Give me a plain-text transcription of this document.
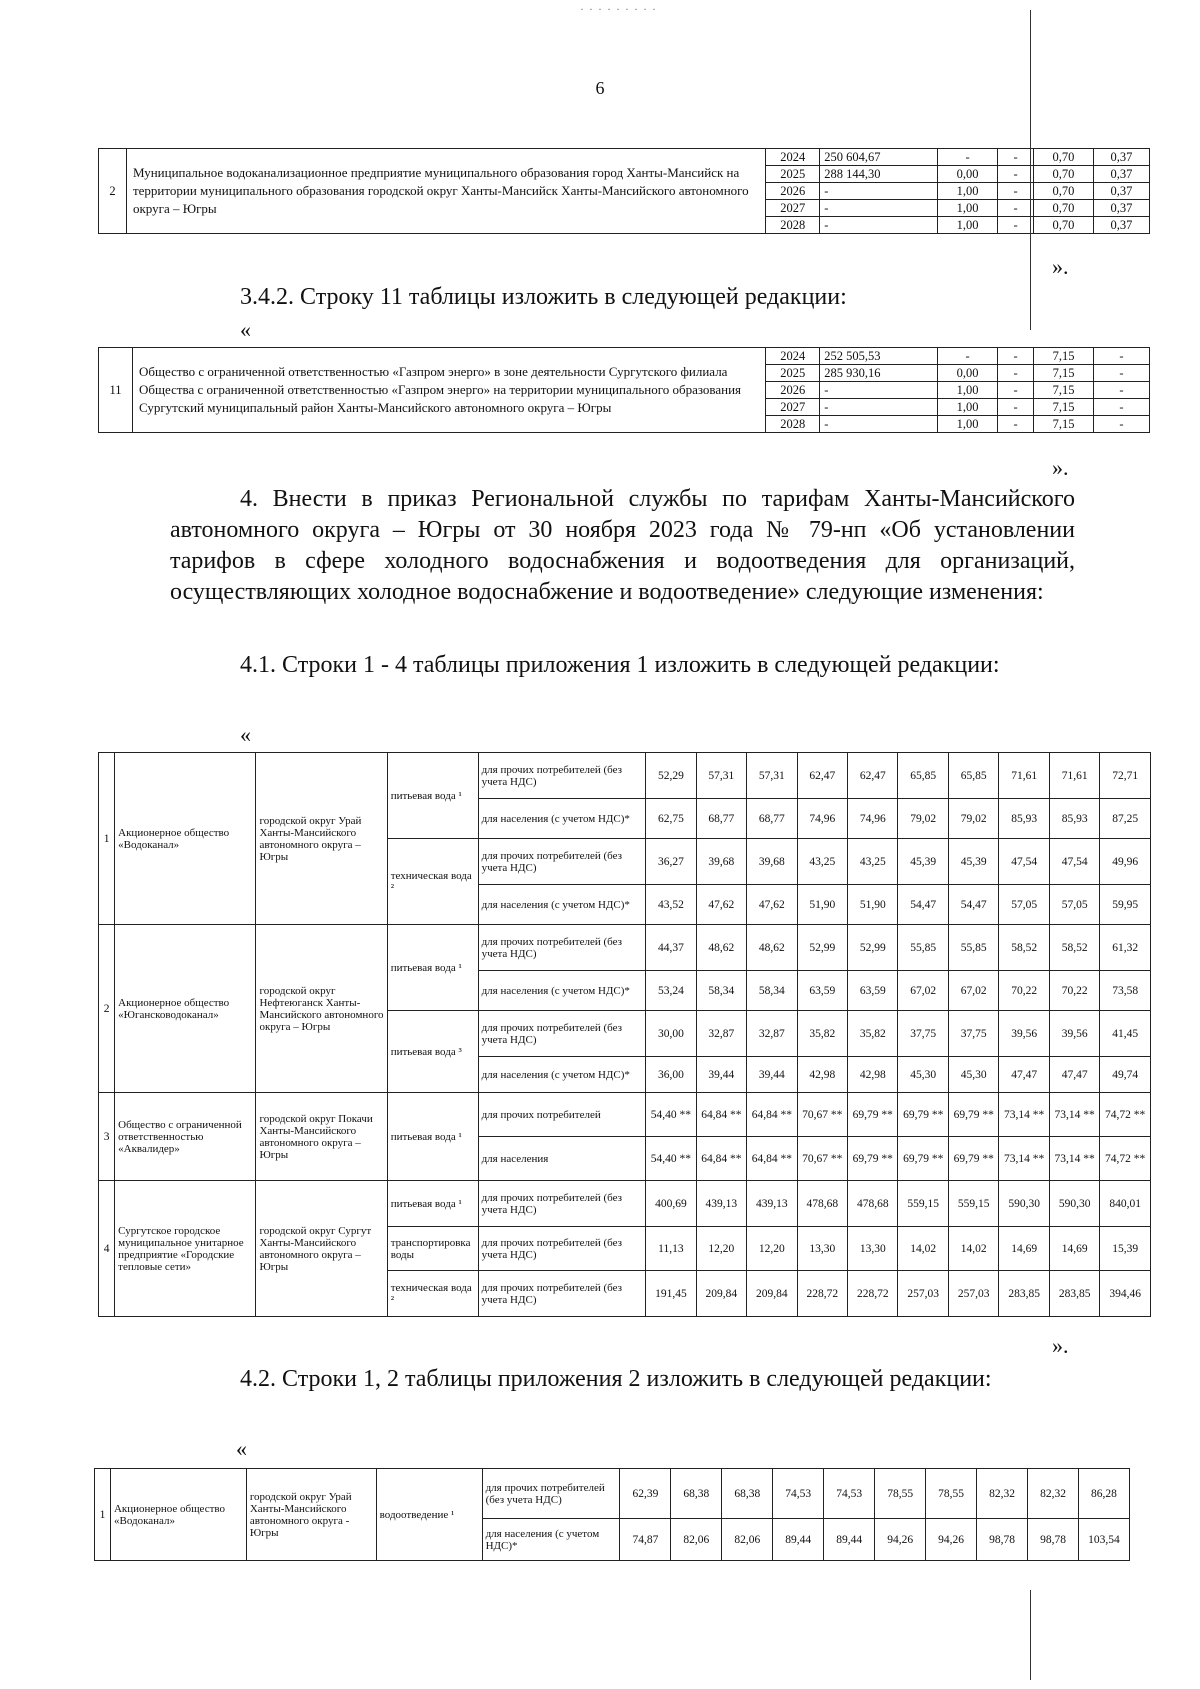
· · · · · · · · ·
6
2	Муниципальное водоканализационное предприятие муниципального образования город Ханты-Мансийск на территории муниципального образования городской округ Ханты-Мансийск Ханты-Мансийского автономного округа – Югры	2024	250 604,67	-	-	0,70	0,37
		2025	288 144,30	0,00	-	0,70	0,37
		2026	-	1,00	-	0,70	0,37
		2027	-	1,00	-	0,70	0,37
		2028	-	1,00	-	0,70	0,37
».
3.4.2. Строку 11 таблицы изложить в следующей редакции:
«
11	Общество с ограниченной ответственностью «Газпром энерго» в зоне деятельности Сургутского филиала Общества с ограниченной ответственностью «Газпром энерго» на территории муниципального образования Сургутский муниципальный район Ханты-Мансийского автономного округа – Югры	2024	252 505,53	-	-	7,15	-
		2025	285 930,16	0,00	-	7,15	-
		2026	-	1,00	-	7,15	-
		2027	-	1,00	-	7,15	-
		2028	-	1,00	-	7,15	-
».
4. Внести в приказ Региональной службы по тарифам Ханты-Мансийского автономного округа – Югры от 30 ноября 2023 года № 79-нп «Об установлении тарифов в сфере холодного водоснабжения и водоотведения для организаций, осуществляющих холодное водоснабжение и водоотведение» следующие изменения:
4.1. Строки 1 - 4 таблицы приложения 1 изложить в следующей редакции:
«
1	Акционерное общество «Водоканал»	городской округ Урай Ханты-Мансийского автономного округа – Югры	питьевая вода ¹	для прочих потребителей (без учета НДС)	52,29	57,31	57,31	62,47	62,47	65,85	65,85	71,61	71,61	72,71
				для населения (с учетом НДС)*	62,75	68,77	68,77	74,96	74,96	79,02	79,02	85,93	85,93	87,25
			техническая вода ²	для прочих потребителей (без учета НДС)	36,27	39,68	39,68	43,25	43,25	45,39	45,39	47,54	47,54	49,96
				для населения (с учетом НДС)*	43,52	47,62	47,62	51,90	51,90	54,47	54,47	57,05	57,05	59,95
2	Акционерное общество «Югансководоканал»	городской округ Нефтеюганск Ханты-Мансийского автономного округа – Югры	питьевая вода ¹	для прочих потребителей (без учета НДС)	44,37	48,62	48,62	52,99	52,99	55,85	55,85	58,52	58,52	61,32
				для населения (с учетом НДС)*	53,24	58,34	58,34	63,59	63,59	67,02	67,02	70,22	70,22	73,58
			питьевая вода ³	для прочих потребителей (без учета НДС)	30,00	32,87	32,87	35,82	35,82	37,75	37,75	39,56	39,56	41,45
				для населения (с учетом НДС)*	36,00	39,44	39,44	42,98	42,98	45,30	45,30	47,47	47,47	49,74
3	Общество с ограниченной ответственностью «Аквалидер»	городской округ Покачи Ханты-Мансийского автономного округа – Югры	питьевая вода ¹	для прочих потребителей	54,40 **	64,84 **	64,84 **	70,67 **	69,79 **	69,79 **	69,79 **	73,14 **	73,14 **	74,72 **
				для населения	54,40 **	64,84 **	64,84 **	70,67 **	69,79 **	69,79 **	69,79 **	73,14 **	73,14 **	74,72 **
4	Сургутское городское муниципальное унитарное предприятие «Городские тепловые сети»	городской округ Сургут Ханты-Мансийского автономного округа – Югры	питьевая вода ¹	для прочих потребителей (без учета НДС)	400,69	439,13	439,13	478,68	478,68	559,15	559,15	590,30	590,30	840,01
			транспортировка воды	для прочих потребителей (без учета НДС)	11,13	12,20	12,20	13,30	13,30	14,02	14,02	14,69	14,69	15,39
			техническая вода ²	для прочих потребителей (без учета НДС)	191,45	209,84	209,84	228,72	228,72	257,03	257,03	283,85	283,85	394,46
».
4.2. Строки 1, 2 таблицы приложения 2 изложить в следующей редакции:
«
1	Акционерное общество «Водоканал»	городской округ Урай Ханты-Мансийского автономного округа - Югры	водоотведение ¹	для прочих потребителей (без учета НДС)	62,39	68,38	68,38	74,53	74,53	78,55	78,55	82,32	82,32	86,28
				для населения (с учетом НДС)*	74,87	82,06	82,06	89,44	89,44	94,26	94,26	98,78	98,78	103,54
